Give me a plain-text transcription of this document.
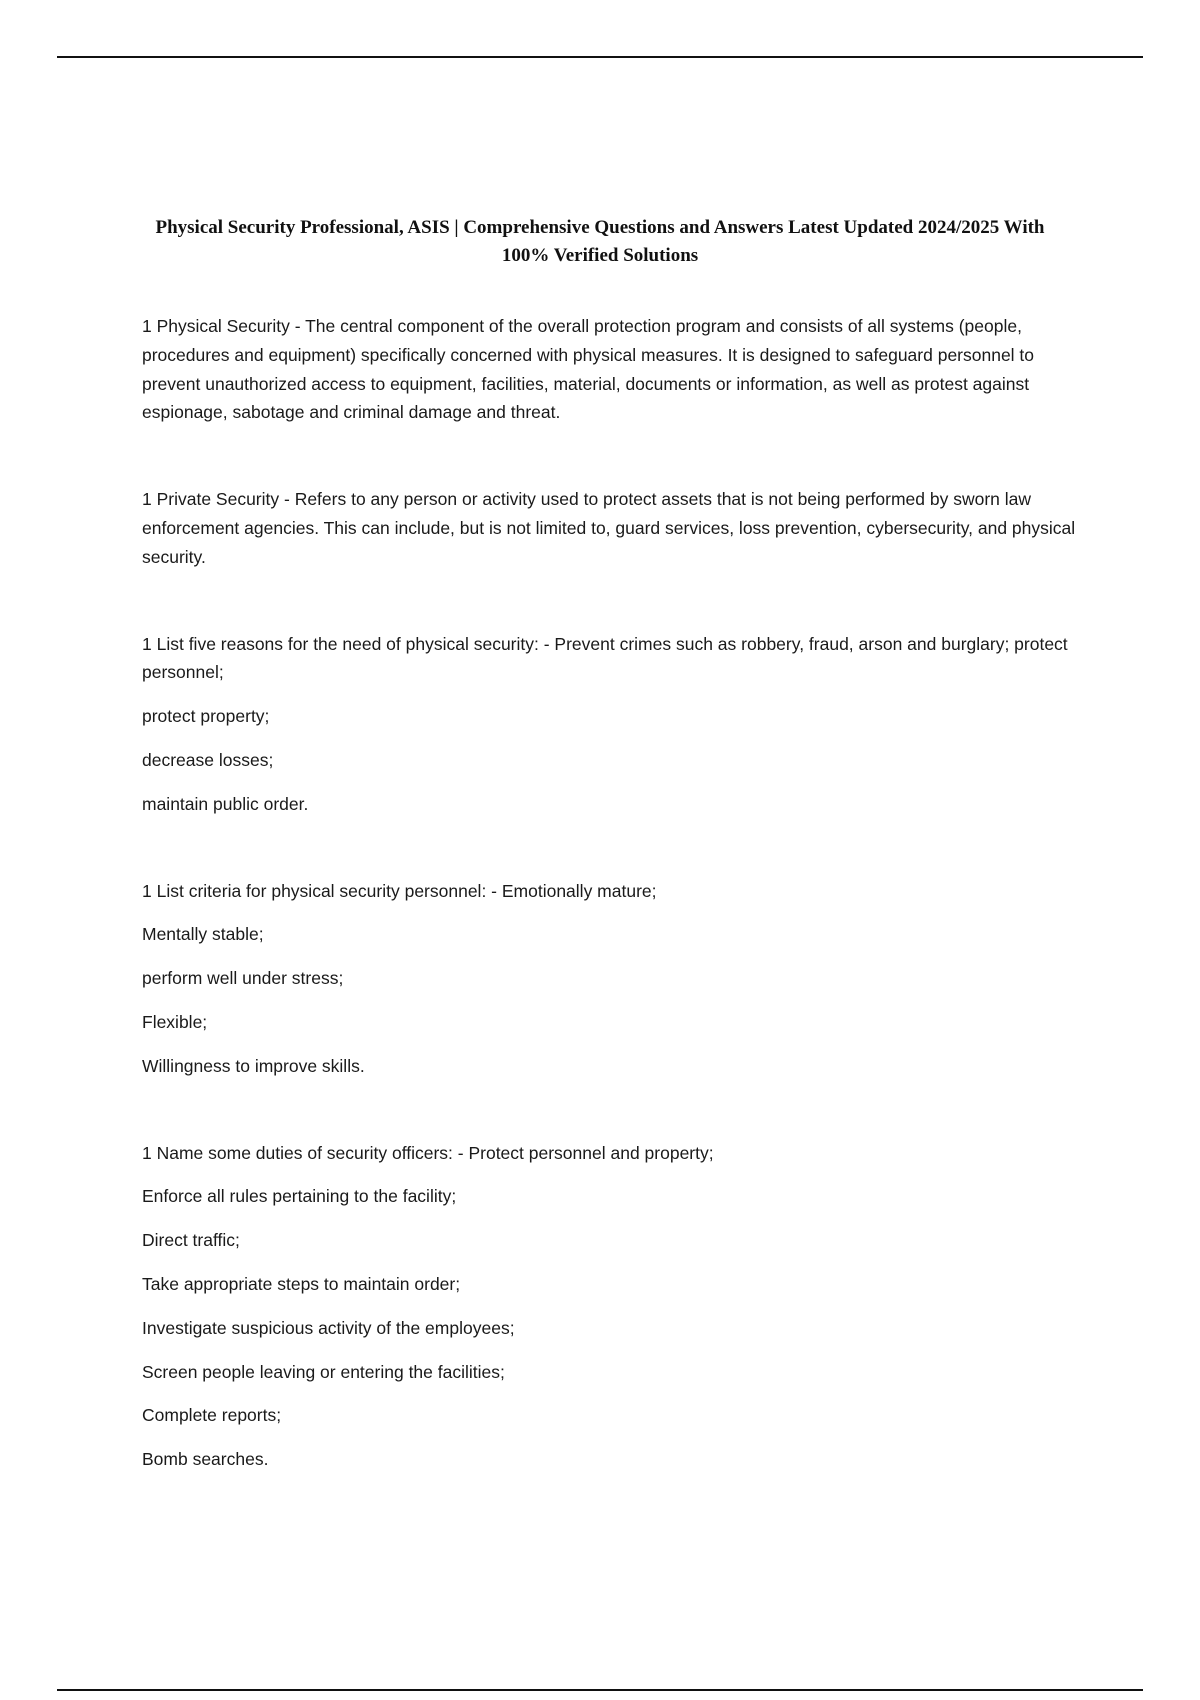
Physical Security Professional, ASIS | Comprehensive Questions and Answers Latest Updated 2024/2025 With 100% Verified Solutions

1 Physical Security - The central component of the overall protection program and consists of all systems (people, procedures and equipment) specifically concerned with physical measures. It is designed to safeguard personnel to prevent unauthorized access to equipment, facilities, material, documents or information, as well as protest against espionage, sabotage and criminal damage and threat.

1 Private Security - Refers to any person or activity used to protect assets that is not being performed by sworn law enforcement agencies. This can include, but is not limited to, guard services, loss prevention, cybersecurity, and physical security.

1 List five reasons for the need of physical security: - Prevent crimes such as robbery, fraud, arson and burglary; protect personnel;

protect property;

decrease losses;

maintain public order.

1 List criteria for physical security personnel: - Emotionally mature;

Mentally stable;

perform well under stress;

Flexible;

Willingness to improve skills.

1 Name some duties of security officers: - Protect personnel and property;

Enforce all rules pertaining to the facility;

Direct traffic;

Take appropriate steps to maintain order;

Investigate suspicious activity of the employees;

Screen people leaving or entering the facilities;

Complete reports;

Bomb searches.
